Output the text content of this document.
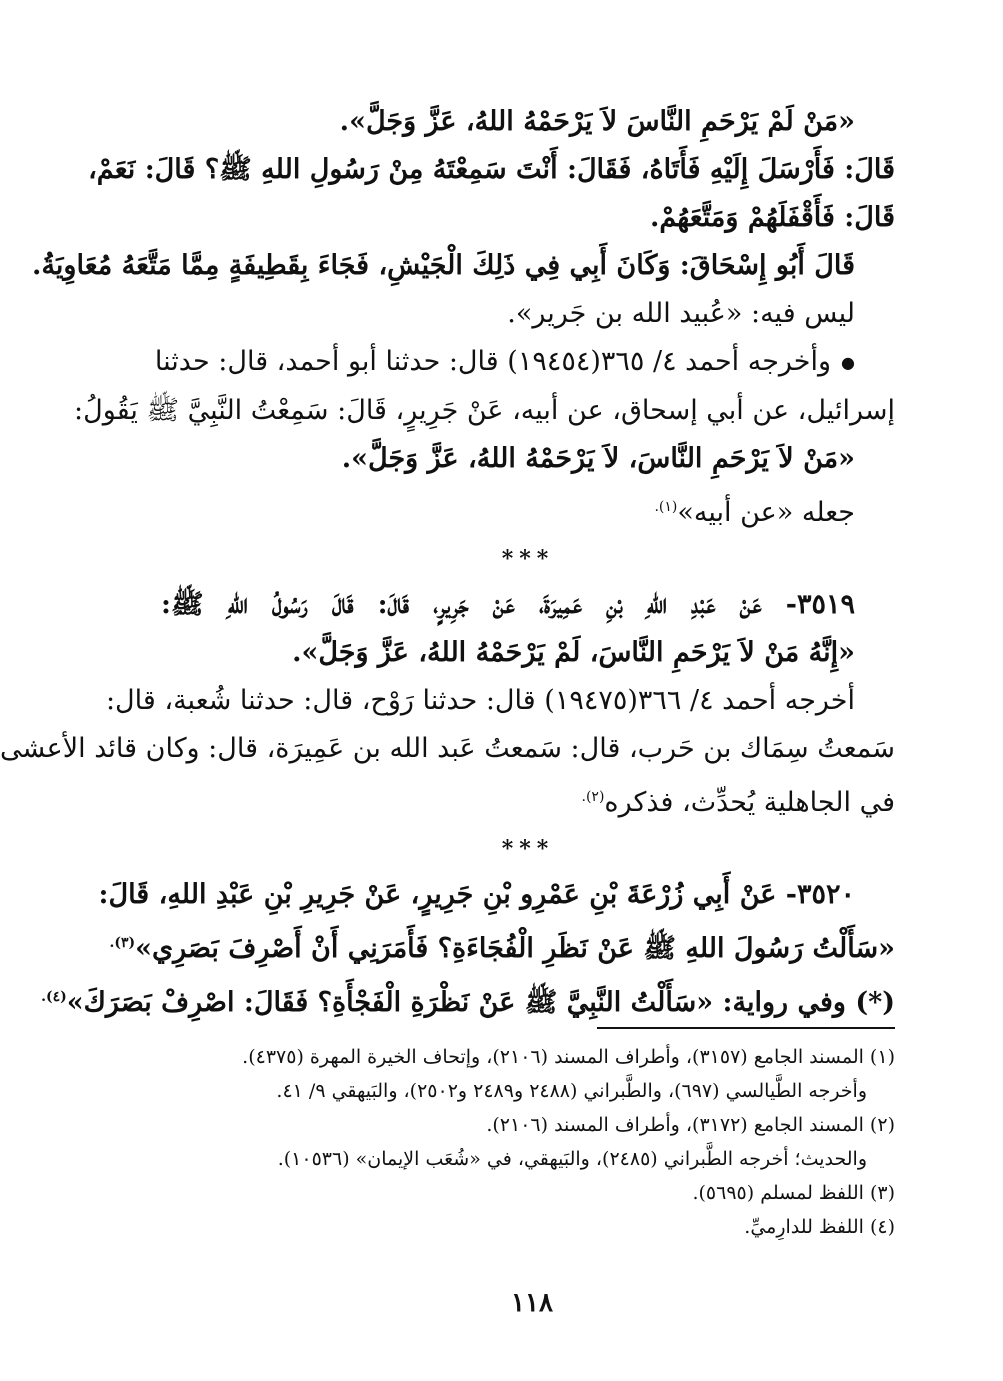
«مَنْ لَمْ يَرْحَمِ النَّاسَ لاَ يَرْحَمْهُ اللهُ، عَزَّ وَجَلَّ».
قَالَ: فَأَرْسَلَ إِلَيْهِ فَأَتَاهُ، فَقَالَ: أَنْتَ سَمِعْتَهُ مِنْ رَسُولِ اللهِ ﷺ؟ قَالَ: نَعَمْ،
قَالَ: فَأَقْفَلَهُمْ وَمَتَّعَهُمْ.
قَالَ أَبُو إِسْحَاقَ: وَكَانَ أَبِي فِي ذَلِكَ الْجَيْشِ، فَجَاءَ بِقَطِيفَةٍ مِمَّا مَتَّعَهُ مُعَاوِيَةُ.
ليس فيه: «عُبيد الله بن جَرير».
● وأخرجه أحمد ٤/ ٣٦٥(١٩٤٥٤) قال: حدثنا أبو أحمد، قال: حدثنا
إسرائيل، عن أبي إسحاق، عن أبيه، عَنْ جَرِيرٍ، قَالَ: سَمِعْتُ النَّبِيَّ ﷺ يَقُولُ:
«مَنْ لاَ يَرْحَمِ النَّاسَ، لاَ يَرْحَمْهُ اللهُ، عَزَّ وَجَلَّ».
جعله «عن أبيه»$^{(١).}$
***
٣٥١٩- عَنْ عَبْدِ اللهِ بْنِ عَمِيرَةَ، عَنْ جَرِيرٍ، قَالَ: قَالَ رَسُولُ اللهِ ﷺ:
«إِنَّهُ مَنْ لاَ يَرْحَمِ النَّاسَ، لَمْ يَرْحَمْهُ اللهُ، عَزَّ وَجَلَّ».
أخرجه أحمد ٤/ ٣٦٦(١٩٤٧٥) قال: حدثنا رَوْح، قال: حدثنا شُعبة، قال:
سَمعتُ سِمَاك بن حَرب، قال: سَمعتُ عَبد الله بن عَمِيرَة، قال: وكان قائد الأعشى
في الجاهلية يُحدِّث، فذكره$^{(٢).}$
***
٣٥٢٠- عَنْ أَبِي زُرْعَةَ بْنِ عَمْرِو بْنِ جَرِيرٍ، عَنْ جَرِيرِ بْنِ عَبْدِ اللهِ، قَالَ:
«سَأَلْتُ رَسُولَ اللهِ ﷺ عَنْ نَظَرِ الْفُجَاءَةِ؟ فَأَمَرَنِي أَنْ أَصْرِفَ بَصَرِي»$^{(٣).}$
(*) وفي رواية: «سَأَلْتُ النَّبِيَّ ﷺ عَنْ نَظْرَةِ الْفَجْأَةِ؟ فَقَالَ: اصْرِفْ بَصَرَكَ»$^{(٤).}$
(١) المسند الجامع (٣١٥٧)، وأطراف المسند (٢١٠٦)، وإتحاف الخيرة المهرة (٤٣٧٥).
وأخرجه الطَّيالسي (٦٩٧)، والطَّبراني (٢٤٨٨ و٢٤٨٩ و٢٥٠٢)، والبَيهقي ٩/ ٤١.
(٢) المسند الجامع (٣١٧٢)، وأطراف المسند (٢١٠٦).
والحديث؛ أخرجه الطَّبراني (٢٤٨٥)، والبَيهقي، في «شُعَب الإيمان» (١٠٥٣٦).
(٣) اللفظ لمسلم (٥٦٩٥).
(٤) اللفظ للدارِميِّ.
١١٨
